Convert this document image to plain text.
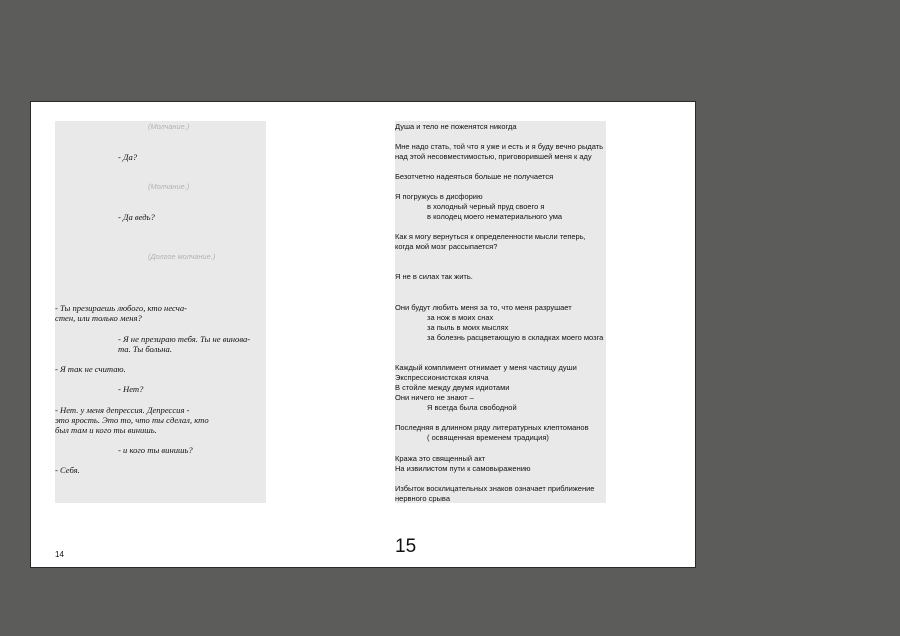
(Молчание.)
- Да?
(Молчание.)
- Да ведь?
(Долгое молчание.)
- Ты презираешь любого, кто несча-
стен, или только меня?
- Я не презираю тебя. Ты не винова-
та. Ты больна.
- Я так не считаю.
- Нет?
- Нет. у меня депрессия. Депрессия -
это ярость. Это то, что ты сделал, кто
был там и кого ты винишь.
- и кого ты винишь?
- Себя.
14
Душа и тело не поженятся никогда
Мне надо стать, той что я уже и есть и я буду вечно рыдать
над этой несовместимостью, приговорившей меня к аду
Безотчетно надеяться больше не получается
Я погружусь в дисфорию
в холодный черный пруд своего я
в колодец моего нематериального ума
Как я могу вернуться к определенности мысли теперь,
когда мой мозг рассыпается?
Я не в силах так жить.
Они будут любить меня за то, что меня разрушает
за нож в моих снах
за пыль в моих мыслях
за болезнь расцветающую в складках моего мозга
Каждый комплимент отнимает у меня частицу души
Экспрессионистская кляча
В стойле между двумя идиотами
Они ничего не знают –
Я всегда была свободной
Последняя в длинном ряду литературных клептоманов
( освященная временем традиция)
Кража это священный акт
На извилистом пути к самовыражению
Избыток восклицательных знаков означает приближение
нервного срыва
15
